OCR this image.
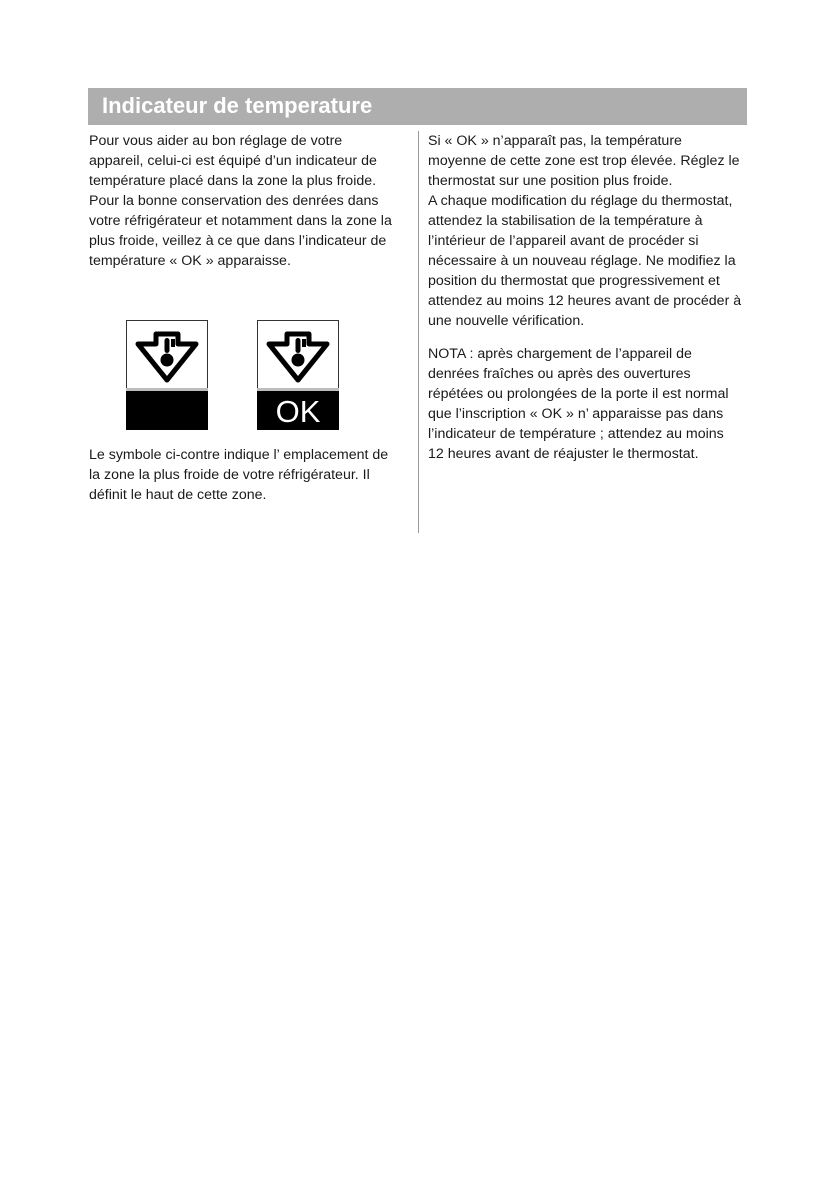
Indicateur de temperature

Pour vous aider au bon réglage de votre appareil, celui-ci est équipé d’un indicateur de température placé dans la zone la plus froide.

Pour la bonne conservation des denrées dans votre réfrigérateur et notamment dans la zone la plus froide, veillez à ce que dans l’indicateur de température « OK » apparaisse.

OK

Le symbole ci-contre indique l’ emplacement de la zone la plus froide de votre réfrigérateur. Il définit le haut de cette zone.

Si « OK » n’apparaît pas, la température moyenne de cette zone est trop élevée. Réglez le thermostat sur une position plus froide.

A chaque modification du réglage du thermostat, attendez la stabilisation de la température à l’intérieur de l’appareil avant de procéder si nécessaire à un nouveau réglage. Ne modifiez la position du thermostat que progressivement et attendez au moins 12 heures avant de procéder à une nouvelle vérification.

NOTA : après chargement de l’appareil de denrées fraîches ou après des ouvertures répétées ou prolongées de la porte il est normal que l’inscription « OK » n’ apparaisse pas dans l’indicateur de température ; attendez au moins 12 heures avant de réajuster le thermostat.
